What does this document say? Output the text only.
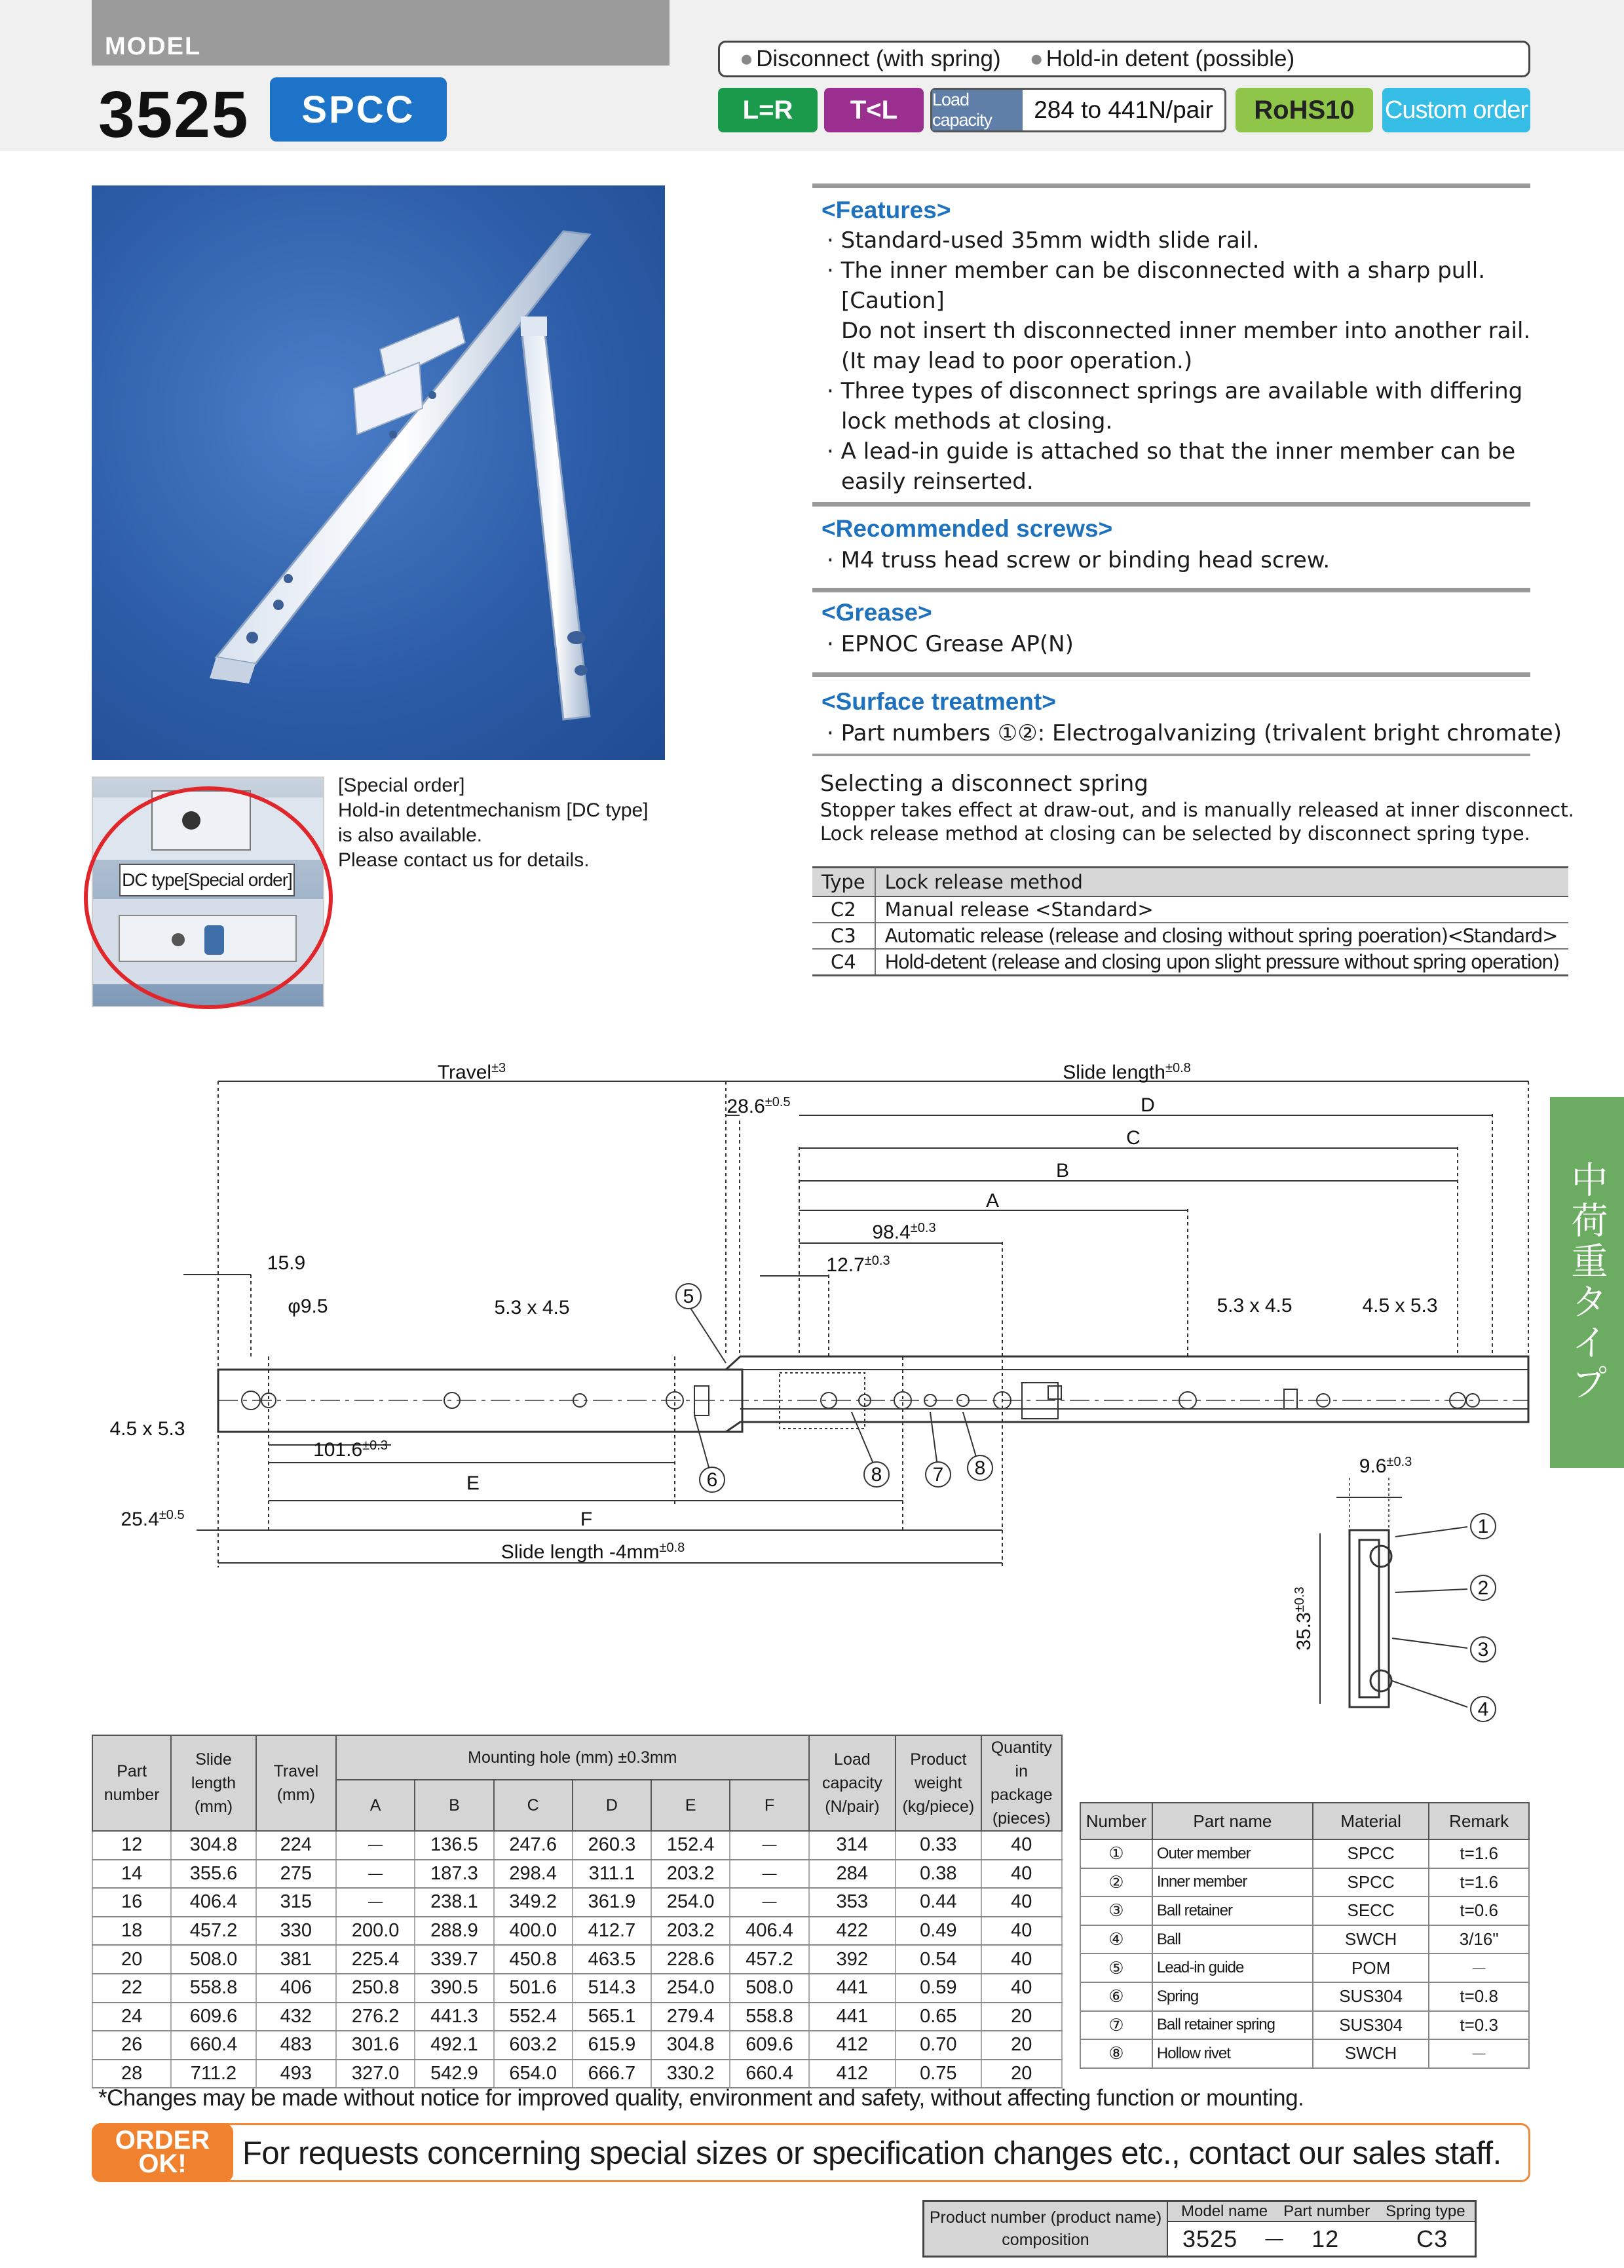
MODEL
3525	SPCC
● Disconnect (with spring)	● Hold-in detent (possible)
L=R	T<L	Load capacity	284 to 441N/pair	RoHS10	Custom order
DC type[Special order]
[Special order]
Hold-in detentmechanism [DC type]
is also available.
Please contact us for details.
<Features>
· Standard-used 35mm width slide rail.
· The inner member can be disconnected with a sharp pull.
[Caution]
Do not insert th disconnected inner member into another rail.
(It may lead to poor operation.)
· Three types of disconnect springs are available with differing
lock methods at closing.
· A lead-in guide is attached so that the inner member can be
easily reinserted.
<Recommended screws>
· M4 truss head screw or binding head screw.
<Grease>
· EPNOC Grease AP(N)
<Surface treatment>
· Part numbers ①②: Electrogalvanizing (trivalent bright chromate)
Selecting a disconnect spring
Stopper takes effect at draw-out, and is manually released at inner disconnect.
Lock release method at closing can be selected by disconnect spring type.
Type	Lock release method
C2	Manual release <Standard>
C3	Automatic release (release and closing without spring poeration)<Standard>
C4	Hold-detent (release and closing upon slight pressure without spring operation)
中荷重タイプ
Travel$^{\pm 3}$	Slide length$^{\pm 0.8}$
$28.6^{\pm 0.5}$	D
C
B
A
$98.4^{\pm 0.3}$
$12.7^{\pm 0.3}$
15.9
φ9.5	5.3 x 4.5	5.3 x 4.5	4.5 x 5.3
4.5 x 5.3
$101.6^{\pm 0.3}$
E
F
$25.4^{\pm 0.5}$
Slide length $-4mm^{\pm 0.8}$
$9.6^{\pm 0.3}$
$35.3^{\pm 0.3}$
5
6	8	7 8
1
2
3
4
Part number	Slide length (mm)	Travel (mm)	Mounting hole (mm) ±0.3mm						Load capacity (N/pair)	Product weight (kg/piece)	Quantity in package (pieces)
			A	B	C	D	E	F			
12	304.8	224	－	136.5	247.6	260.3	152.4	－	314	0.33	40
14	355.6	275	－	187.3	298.4	311.1	203.2	－	284	0.38	40
16	406.4	315	－	238.1	349.2	361.9	254.0	－	353	0.44	40
18	457.2	330	200.0	288.9	400.0	412.7	203.2	406.4	422	0.49	40
20	508.0	381	225.4	339.7	450.8	463.5	228.6	457.2	392	0.54	40
22	558.8	406	250.8	390.5	501.6	514.3	254.0	508.0	441	0.59	40
24	609.6	432	276.2	441.3	552.4	565.1	279.4	558.8	441	0.65	20
26	660.4	483	301.6	492.1	603.2	615.9	304.8	609.6	412	0.70	20
28	711.2	493	327.0	542.9	654.0	666.7	330.2	660.4	412	0.75	20
Number	Part name	Material	Remark
①	Outer member	SPCC	t=1.6
②	Inner member	SPCC	t=1.6
③	Ball retainer	SECC	t=0.6
④	Ball	SWCH	3/16"
⑤	Lead-in guide	POM	－
⑥	Spring	SUS304	t=0.8
⑦	Ball retainer spring	SUS304	t=0.3
⑧	Hollow rivet	SWCH	－
*Changes may be made without notice for improved quality, environment and safety, without affecting function or mounting.
ORDER
OK!	For requests concerning special sizes or specification changes etc., contact our sales staff.
Product number (product name)
composition
Model name Part number Spring type
3525 － 12	C3
